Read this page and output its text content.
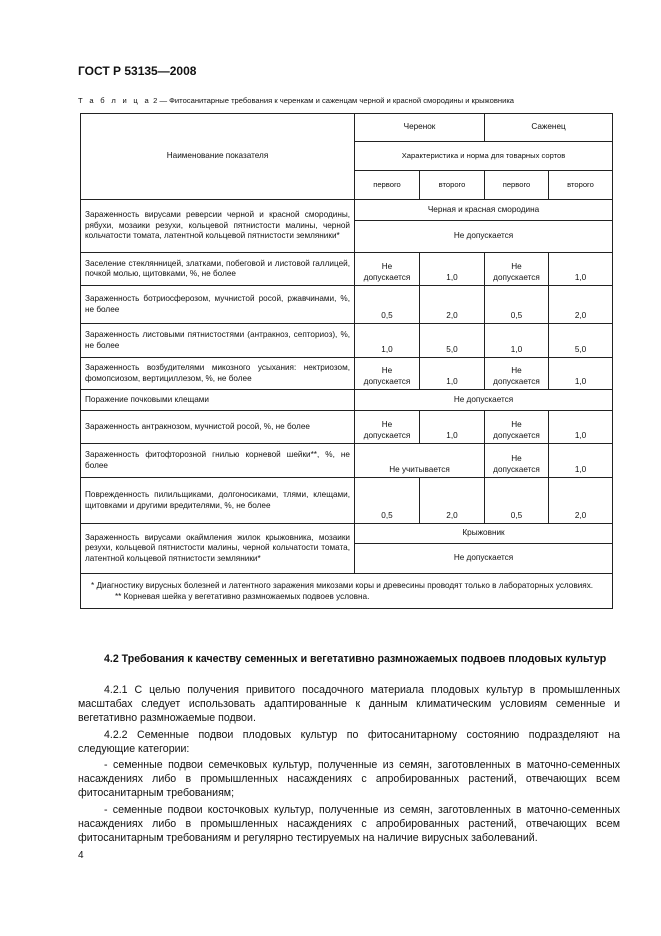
ГОСТ Р 53135—2008
Т а б л и ц а 2 — Фитосанитарные требования к черенкам и саженцам черной и красной смородины и крыжовника
Наименование показателя	Черенок		Саженец	
	Характеристика и норма для товарных сортов			
	первого	второго	первого	второго
Зараженность вирусами реверсии черной и красной смородины, рябухи, мозаики резухи, кольцевой пятнистости малины, черной кольчатости томата, латентной кольцевой пятнистости земляники*	Черная и красная смородина			
	Не допускается			
Заселение стеклянницей, златками, побеговой и листовой галлицей, почкой молью, щитовками, %, не более	Не допускается	1,0	Не допускается	1,0
Зараженность ботриосферозом, мучнистой росой, ржавчинами, %, не более	0,5	2,0	0,5	2,0
Зараженность листовыми пятнистостями (антракноз, септориоз), %, не более	1,0	5,0	1,0	5,0
Зараженность возбудителями микозного усыхания: нектриозом, фомопсиозом, вертициллезом, %, не более	Не допускается	1,0	Не допускается	1,0
Поражение почковыми клещами	Не допускается			
Зараженность антракнозом, мучнистой росой, %, не более	Не допускается	1,0	Не допускается	1,0
Зараженность фитофторозной гнилью корневой шейки**, %, не более	Не учитывается		Не допускается	1,0
Поврежденность пилильщиками, долгоносиками, тлями, клещами, щитовками и другими вредителями, %, не более	0,5	2,0	0,5	2,0
Зараженность вирусами окаймления жилок крыжовника, мозаики резухи, кольцевой пятнистости малины, черной кольчатости томата, латентной кольцевой пятнистости земляники*	Крыжовник			
	Не допускается			

* Диагностику вирусных болезней и латентного заражения микозами коры и древесины проводят только в лабораторных условиях.
** Корневая шейка у вегетативно размножаемых подвоев условна.				
4.2 Требования к качеству семенных и вегетативно размножаемых подвоев плодовых культур

4.2.1 С целью получения привитого посадочного материала плодовых культур в промышленных масштабах следует использовать адаптированные к данным климатическим условиям семенные и вегетативно размножаемые подвои.

4.2.2 Семенные подвои плодовых культур по фитосанитарному состоянию подразделяют на следующие категории:

- семенные подвои семечковых культур, полученные из семян, заготовленных в маточно-семенных насаждениях либо в промышленных насаждениях с апробированных растений, отвечающих всем фитосанитарным требованиям;

- семенные подвои косточковых культур, полученные из семян, заготовленных в маточно-семенных насаждениях либо в промышленных насаждениях с апробированных растений, отвечающих всем фитосанитарным требованиям и регулярно тестируемых на наличие вирусных заболеваний.

4
